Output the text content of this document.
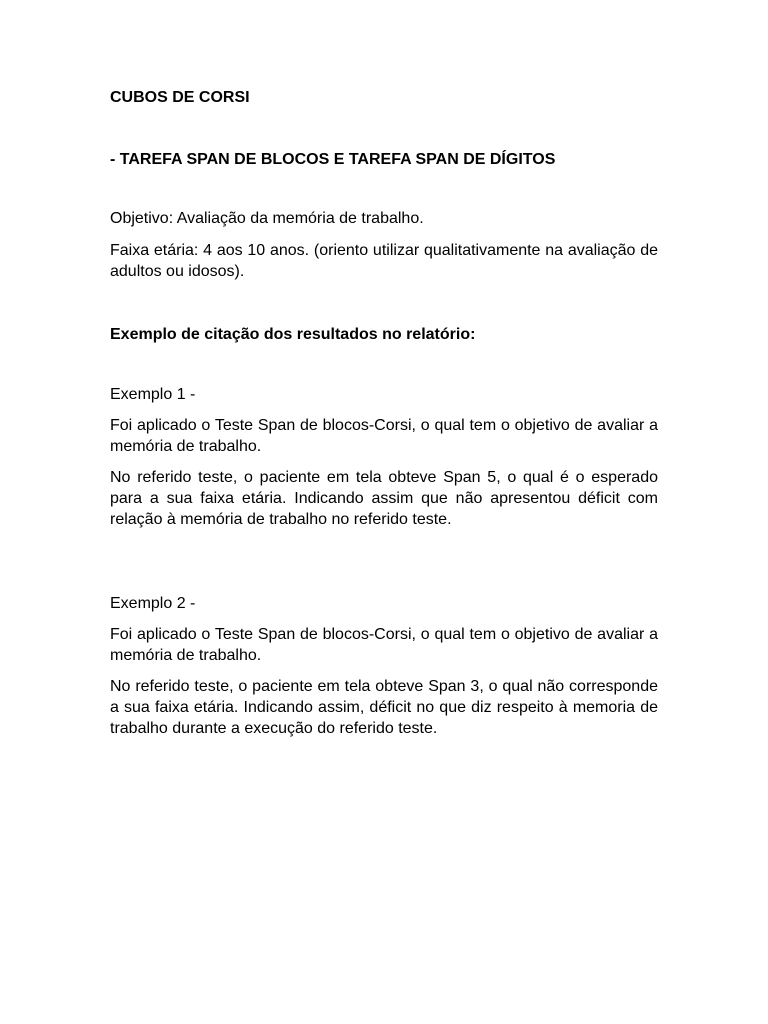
CUBOS DE CORSI

- TAREFA SPAN DE BLOCOS E TAREFA SPAN DE DÍGITOS

Objetivo: Avaliação da memória de trabalho.

Faixa etária: 4 aos 10 anos. (oriento utilizar qualitativamente na avaliação de adultos ou idosos).

Exemplo de citação dos resultados no relatório:

Exemplo 1 -

Foi aplicado o Teste Span de blocos-Corsi, o qual tem o objetivo de avaliar a memória de trabalho.

No referido teste, o paciente em tela obteve Span 5, o qual é o esperado para a sua faixa etária. Indicando assim que não apresentou déficit com relação à memória de trabalho no referido teste.

Exemplo 2 -

Foi aplicado o Teste Span de blocos-Corsi, o qual tem o objetivo de avaliar a memória de trabalho.

No referido teste, o paciente em tela obteve Span 3, o qual não corresponde a sua faixa etária. Indicando assim, déficit no que diz respeito à memoria de trabalho durante a execução do referido teste.
